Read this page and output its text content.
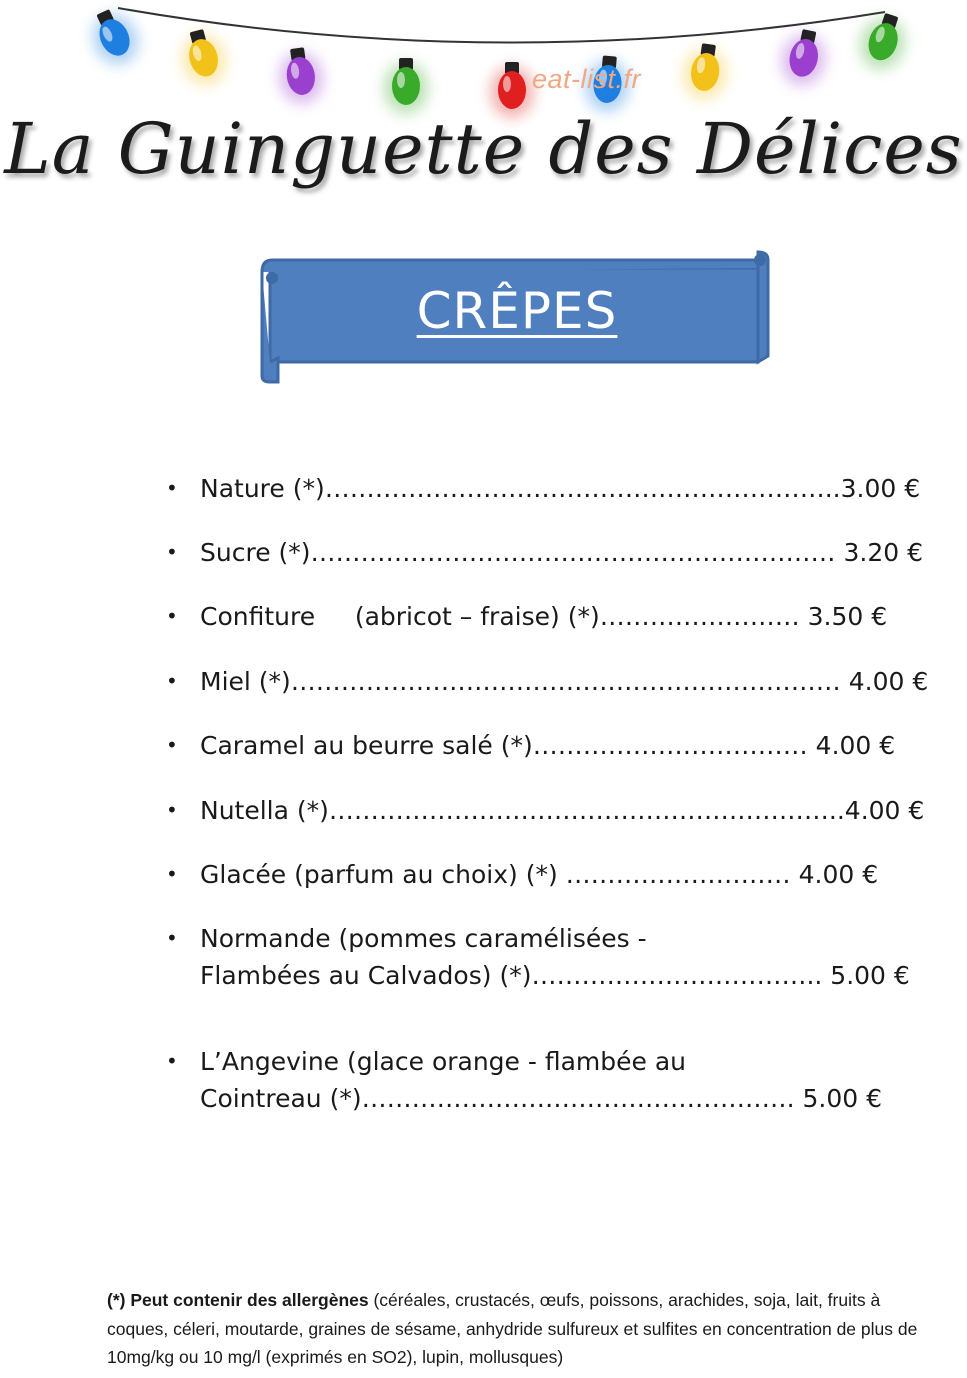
eat-list.fr
La Guinguette des Délices
CRÊPES
• Nature (*)……………………………………………………..3.00 €
• Sucre (*)……………………………………………………… 3.20 €
• Confiture     (abricot – fraise) (*)…………………… 3.50 €
• Miel (*)………………………………………………………… 4.00 €
• Caramel au beurre salé (*)…………………………… 4.00 €
• Nutella (*)……………………………………………………..4.00 €
• Glacée (parfum au choix) (*) ……………………… 4.00 €
• Normande (pommes caramélisées -
Flambées au Calvados) (*)…………………………….. 5.00 €
• L’Angevine (glace orange - flambée au
Cointreau (*)……………………………………………. 5.00 €
(*) Peut contenir des allergènes (céréales, crustacés, œufs, poissons, arachides, soja, lait, fruits à coques, céleri, moutarde, graines de sésame, anhydride sulfureux et sulfites en concentration de plus de 10mg/kg ou 10 mg/l (exprimés en SO2), lupin, mollusques)
